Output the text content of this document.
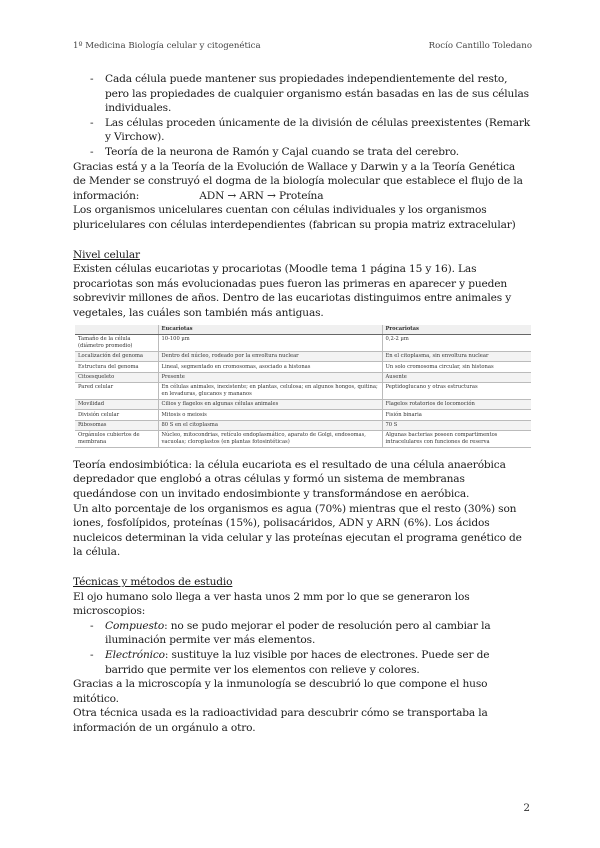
1º Medicina Biología celular y citogenética	Rocío Cantillo Toledano
- Cada célula puede mantener sus propiedades independientemente del resto, pero las propiedades de cualquier organismo están basadas en las de sus células individuales.
- Las células proceden únicamente de la división de células preexistentes (Remark y Virchow).
- Teoría de la neurona de Ramón y Cajal cuando se trata del cerebro.

Gracias está y a la Teoría de la Evolución de Wallace y Darwin y a la Teoría Genética de Mender se construyó el dogma de la biología molecular que establece el flujo de la información:	ADN → ARN → Proteína

Los organismos unicelulares cuentan con células individuales y los organismos pluricelulares con células interdependientes (fabrican su propia matriz extracelular)

Nivel celular

Existen células eucariotas y procariotas (Moodle tema 1 página 15 y 16). Las procariotas son más evolucionadas pues fueron las primeras en aparecer y pueden sobrevivir millones de años. Dentro de las eucariotas distinguimos entre animales y vegetales, las cuáles son también más antiguas.

	Eucariotas	Procariotas
Tamaño de la célula (diámetro promedio)	10-100 µm	0,2-2 µm
Localización del genoma	Dentro del núcleo, rodeado por la envoltura nuclear	En el citoplasma, sin envoltura nuclear
Estructura del genoma	Lineal, segmentado en cromosomas, asociado a histonas	Un solo cromosoma circular, sin histonas
Citoesqueleto	Presente	Ausente
Pared celular	En células animales, inexistente; en plantas, celulosa; en algunos hongos, quitina; en levaduras, glucanos y mananos	Peptidoglucano y otras estructuras
Movilidad	Cilios y flagelos en algunas células animales	Flagelos rotatorios de locomoción
División celular	Mitosis o meiosis	Fisión binaria
Ribosomas	80 S en el citoplasma	70 S
Orgánulos cubiertos de membrana	Núcleo, mitocondrias, retículo endoplasmático, aparato de Golgi, endosomas, vacuolas; cloroplastos (en plantas fotosintéticas)	Algunas bacterias poseen compartimentos intracelulares con funciones de reserva

Teoría endosimbiótica: la célula eucariota es el resultado de una célula anaeróbica depredador que englobó a otras células y formó un sistema de membranas quedándose con un invitado endosimbionte y transformándose en aeróbica.

Un alto porcentaje de los organismos es agua (70%) mientras que el resto (30%) son iones, fosfolípidos, proteínas (15%), polisacáridos, ADN y ARN (6%). Los ácidos nucleicos determinan la vida celular y las proteínas ejecutan el programa genético de la célula.

Técnicas y métodos de estudio

El ojo humano solo llega a ver hasta unos 2 mm por lo que se generaron los microscopios:

- Compuesto: no se pudo mejorar el poder de resolución pero al cambiar la iluminación permite ver más elementos.
- Electrónico: sustituye la luz visible por haces de electrones. Puede ser de barrido que permite ver los elementos con relieve y colores.

Gracias a la microscopía y la inmunología se descubrió lo que compone el huso mitótico.

Otra técnica usada es la radioactividad para descubrir cómo se transportaba la información de un orgánulo a otro.

2
